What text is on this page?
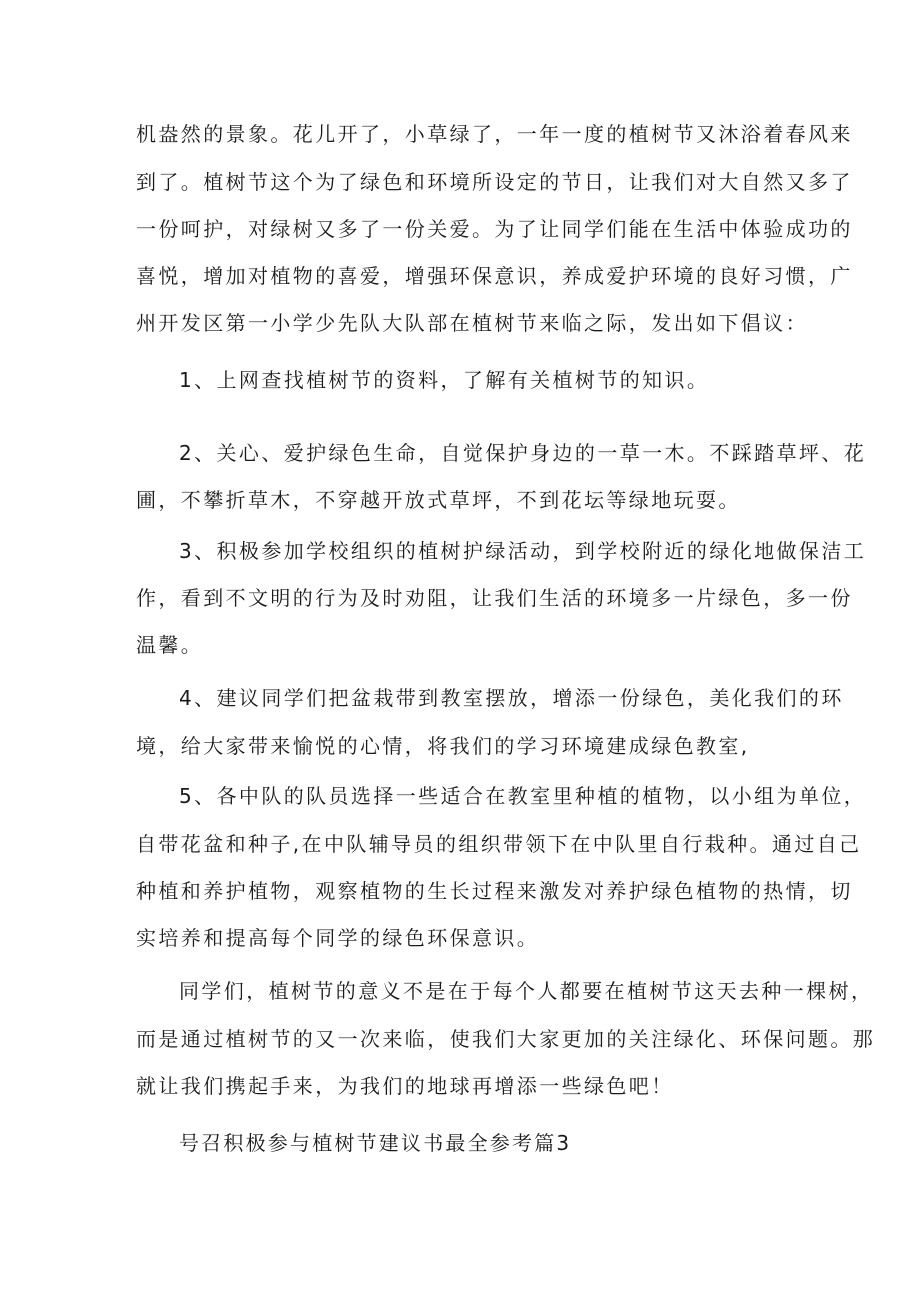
机盎然的景象。花儿开了，小草绿了，一年一度的植树节又沐浴着春风来

到了。植树节这个为了绿色和环境所设定的节日，让我们对大自然又多了

一份呵护，对绿树又多了一份关爱。为了让同学们能在生活中体验成功的

喜悦，增加对植物的喜爱，增强环保意识，养成爱护环境的良好习惯，广

州开发区第一小学少先队大队部在植树节来临之际，发出如下倡议：

1、上网查找植树节的资料，了解有关植树节的知识。

2、关心、爱护绿色生命，自觉保护身边的一草一木。不踩踏草坪、花

圃，不攀折草木，不穿越开放式草坪，不到花坛等绿地玩耍。

3、积极参加学校组织的植树护绿活动，到学校附近的绿化地做保洁工

作，看到不文明的行为及时劝阻，让我们生活的环境多一片绿色，多一份

温馨。

4、建议同学们把盆栽带到教室摆放，增添一份绿色，美化我们的环

境，给大家带来愉悦的心情，将我们的学习环境建成绿色教室,

5、各中队的队员选择一些适合在教室里种植的植物，以小组为单位，

自带花盆和种子,在中队辅导员的组织带领下在中队里自行栽种。通过自己

种植和养护植物，观察植物的生长过程来激发对养护绿色植物的热情，切

实培养和提高每个同学的绿色环保意识。

同学们，植树节的意义不是在于每个人都要在植树节这天去种一棵树，

而是通过植树节的又一次来临，使我们大家更加的关注绿化、环保问题。那

就让我们携起手来，为我们的地球再增添一些绿色吧！

号召积极参与植树节建议书最全参考篇3
